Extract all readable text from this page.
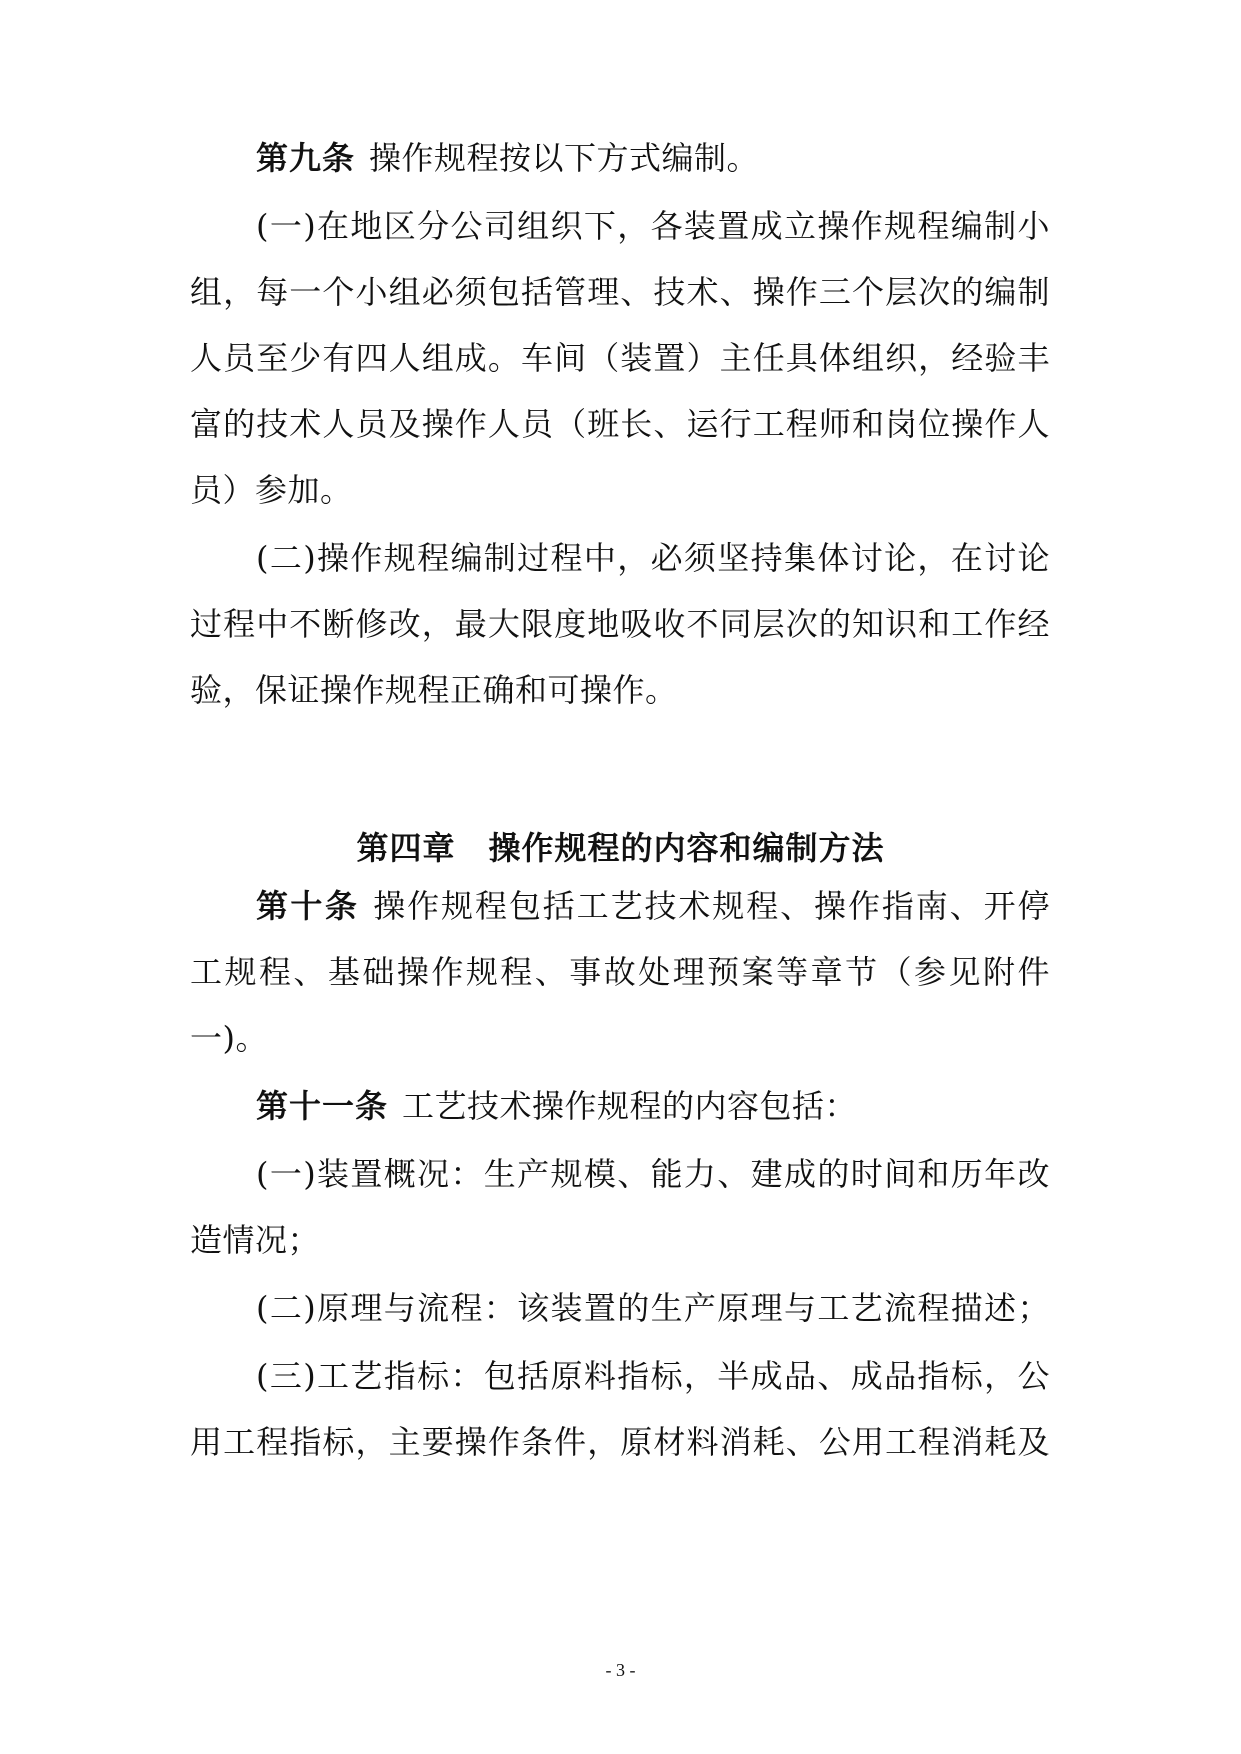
第九条 操作规程按以下方式编制。
(一)在地区分公司组织下，各装置成立操作规程编制小
组，每一个小组必须包括管理、技术、操作三个层次的编制
人员至少有四人组成。车间（装置）主任具体组织，经验丰
富的技术人员及操作人员（班长、运行工程师和岗位操作人
员）参加。
(二)操作规程编制过程中，必须坚持集体讨论，在讨论
过程中不断修改，最大限度地吸收不同层次的知识和工作经
验，保证操作规程正确和可操作。
第四章　操作规程的内容和编制方法
第十条 操作规程包括工艺技术规程、操作指南、开停
工规程、基础操作规程、事故处理预案等章节（参见附件
一)。
第十一条 工艺技术操作规程的内容包括：
(一)装置概况：生产规模、能力、建成的时间和历年改
造情况；
(二)原理与流程：该装置的生产原理与工艺流程描述；
(三)工艺指标：包括原料指标，半成品、成品指标，公
用工程指标，主要操作条件，原材料消耗、公用工程消耗及
- 3 -
